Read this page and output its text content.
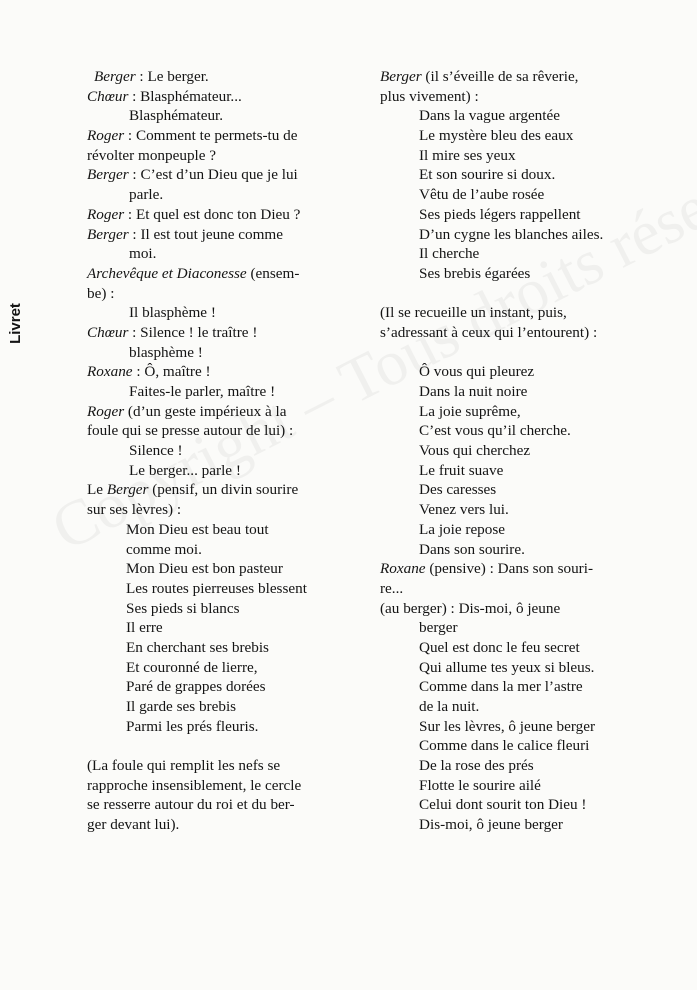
Livret
Berger : Le berger.
Chœur : Blasphémateur...
Blasphémateur.
Roger : Comment te permets-tu de
révolter monpeuple ?
Berger : C’est d’un Dieu que je lui
parle.
Roger : Et quel est donc ton Dieu ?
Berger : Il est tout jeune comme
moi.
Archevêque et Diaconesse (ensem-
be) :
Il blasphème !
Chœur : Silence ! le traître !
blasphème !
Roxane : Ô, maître !
Faites-le parler, maître !
Roger (d’un geste impérieux à la
foule qui se presse autour de lui) :
Silence !
Le berger... parle !
Le Berger (pensif, un divin sourire
sur ses lèvres) :
Mon Dieu est beau tout
comme moi.
Mon Dieu est bon pasteur
Les routes pierreuses blessent
Ses pieds si blancs
Il erre
En cherchant ses brebis
Et couronné de lierre,
Paré de grappes dorées
Il garde ses brebis
Parmi les prés fleuris.
(La foule qui remplit les nefs se
rapproche insensiblement, le cercle
se resserre autour du roi et du ber-
ger devant lui).
Berger (il s’éveille de sa rêverie,
plus vivement) :
Dans la vague argentée
Le mystère bleu des eaux
Il mire ses yeux
Et son sourire si doux.
Vêtu de l’aube rosée
Ses pieds légers rappellent
D’un cygne les blanches ailes.
Il cherche
Ses brebis égarées
(Il se recueille un instant, puis,
s’adressant à ceux qui l’entourent) :
Ô vous qui pleurez
Dans la nuit noire
La joie suprême,
C’est vous qu’il cherche.
Vous qui cherchez
Le fruit suave
Des caresses
Venez vers lui.
La joie repose
Dans son sourire.
Roxane (pensive) : Dans son souri-
re...
(au berger) : Dis-moi, ô jeune
berger
Quel est donc le feu secret
Qui allume tes yeux si bleus.
Comme dans la mer l’astre
de la nuit.
Sur les lèvres, ô jeune berger
Comme dans le calice fleuri
De la rose des prés
Flotte le sourire ailé
Celui dont sourit ton Dieu !
Dis-moi, ô jeune berger
